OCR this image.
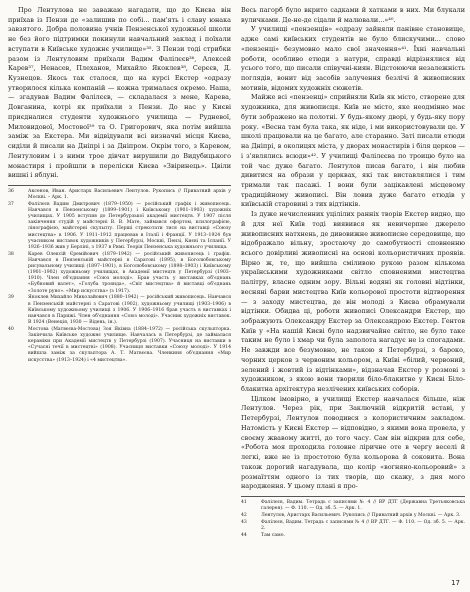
Про Лентулова не заважаю нагадати, що до Києва він приїхав із Пензи де «залишив по собі... пам'ять і славу юнака завзятого. Добра половина учнів Пензенської художньої школи не без його підтримки покинули навчальний заклад і поїхали вступати в Київське художнє училище»³⁵. З Пензи тоді стрибки разом із Лентуловим приїхали Вадим Фалілєєв³⁶, Алексей Карев³⁷, Ненасев, Плеханов, Михайло Якоклев³⁸, Серєєв, Д. Кузнецов. Якось так сталося, що на курсі Екстер «одразу утворилося кілька компаній — кожна трималася окремо. Наша, — згадував Вадим Фалілєєв, — складалася з мене, Карева, Довганина, котрі як приїхали з Пензи. До нас у Києві приєдналися студенти художнього училища — Рудневої, Миловидової, Мостової³⁹ та О. Григорович, яка потім вийшла заміж за Екстера. Ми відвідували всі визначні місця Києва, сиділи й писали на Дніпрі і за Дніпром. Окрім того, з Каревом, Лентуловим і з ними трое дівчат вирушили до Видубицького монастиря і пройшли в переліски Києва «Звіринець». Цвіли вишні і яблуні.

36	Аксенов, Иван. Аристарх Васильевич Лентулов. Рукопись // Приватний архів у Москві. – Арк. 1.
37	Фалілєєв Вадим Дмитрович (1879–1950) — російський графік і живописець. Навчався в Пензенському (1899–1901) і Київському (1901–1903) художніх училищах. У 1905 вступив до Петербурзької академії мистецтв. У 1907 після закінчення студій у майстерні В. В. Мате, займався офортом, ксилографією, лінографією, майстерні скульпту. Перші стрекотати тися на виставці «Союзу мистецтва» в 1906. У 1911–1912 працював в Італії і Франції. У 1913–1924 був учасником виставок художників у Петербурзі, Москві, Пензі, Києві та Іспанії. У 1926–1936 жив у Берліні, з 1937 в Римі. Теорія Пензенська художнього училища.
38	Карев Олексій Єремійович (1879–1942) — російський живописець і графік. Навчався в Пензенській майстерні в Саратові (1895), в Боголюбовському рисувальному училищі (1897–1901), в Боголюбовському (1898–1903) і Київському (1901–1902) художньому училищах, в Академії мистецтв у Петербурзі (1903–1910). Член об'єднання «Союз молоді». Брав участь у виставках об'єднань «Бубновий валет», «Голуба троянда», «Світ мистецтва» й виставці об'єднань «Золоте руно». «Мир искусства» (з 1917).
39	Якоклев Михайло Миколайович (1880–1942) — російський живописець. Навчався в Пензенській майстерні з Саратові (1902), художньому училищі (1903–1906) в Київському художньому училищі з 1906. У 1906–1916 брав участь в виставках і навчався в Парижі. Член об'єднання «Союз молоді». Учасник художніх виставок. В 1924 (Венеція, 1930 — Відень, ін.).
40	Мостова (Матвєєва-Мостова) Зоя Яківна (1884–1972) — російська скульпторка. Закінчила Київське художнє училище. Навчалась в Петербурзі, де займалася кераміки при Академії мистецтв у Петербурзі (1907). Учасниця на виставки в «Сучасні течії в мистецтві» (1908). Учасниця виставки «Союзу молоді». У 1914 вийшла заміж за скульптора А. Т. Матвєєва. Членкиня об'єднання «Мир искусства» (1913–1924) і «4 мистецтва».

Весь пагорб було вкрито садками й хатками в них. Ми блукали вуличками. Де-не-де сідали й малювали...»⁴⁰.

У училищі «пензенців» «одразу зайняли панівне становище, адже самі київських студентів не було блискучими... слово «пензенці» безумовно мало свої значення»⁴¹. Їхні навчальні роботи, особливо етюди з натури, справді відрізнялися від усього того, що писали співучні-киян. Відстоюючи незалежність поглядів, вонит від засобів залучення безлічі й живописних мотивів, відомих художніх сюжетів.

Майже всі «пензенці» сприйняли Київ як місто, створене для художника, для живописця. Київ не місто, яке неодмінно має бути зображено на полотні. У будь-якому дворі, у будь-яку пору року. «Весна там була така, як ніде, і ми використовували це. У школі працювали на це багато, але старанно. Заті писали етюди на Дніпрі, в околицях міста, у дворах монастирів і біля церков — і з'являлись всюди»⁴². У училищі Фалілєєва по троицю було на той час дуже багато. Лентулов писав багато, і він любив дивитися на образи у церквах, які так виставлялися і тим тримали так пасажі. І вони були зацікавлені місцевому традиційному живописі. Він ловив дуже багато етюдів у київській старовині з тих відтінків.

Із дуже нечисленних уцілілих ранніх творів Екстер видно, що й для неї Київ тоді виявився як невичерпне джерело живописних натхнень, де дивовижне живописне середовище, що відображало вільну, зростаючу до самобутності сповненню всього довірливі живописні на основі кольористичних проявів. Вірно ж, те, що вийшла сміливою рукою разом кількома українськими художниками світло сповненими мистецтва палітру, власне одним зору. Вільні водяні як головні відтінки, весняні барви мистецтва Київ кольорової простоти відтворення — з заходу мистецтва, де він молоді з Києва обрамували відтінки. Обидва ці, роботи живописі Олександри Екстер, що зображують Олександру Екстер за Олександрою Екстер. Гентов Київ у «На нашій Києві було надзвичайне світло, не було таке таким не було і хмар чи була заполота нагадує не із спогадами. Не завжди все безумовно, не такою я Петербурзі, з бароко, чорних церков з червоним кольором, а Київі «білий, червоний, зелений і жовтий із відтінками», відзначав Екстер у розмові з художником, з якою вони творили біло-блакитне у Києві Біло-блакитна архітектура незлічених київських соборів.

Цілком імовірно, в училищі Екстер навчалася більше, ніж Лентулов. Через рік, при Заключній відкритій вставі, у Петербурзі, Лентулов поводився з колористичним закладом. Натомість у Києві Екстер — відповідно, з якими вона провела, у своєму жвавому житті, до того часу. Сам він відкрив для себе, «Робота моя проходила головне ліричне оте в чергу веселі й легкі, вже не із простотою була кольорова й соковита. Вона також дорогий нагадувала, що колір «вогняно-кольоровий» з розмаїттям одного із тих творів, що скажу, з дня мого народження. У цьому плані я про-

41	Фалілєєв, Вадим. Тетрадь с записями № 4 // ВР ДТГ (Державна Третьяковська галерея). — Ф. 110. — Од. зб. 5. — Арк. 1.
42	Лентулов, Аристарх Васильевич. Рукопись // Приватний архів у Москві. — Арк. 3.
43	Фалілєєв, Вадим. Тетрадь с записями № 4 // ВР ДТГ. — Ф. 110. — Од. зб. 5. — Арк. 2.
44	Там само.
17
